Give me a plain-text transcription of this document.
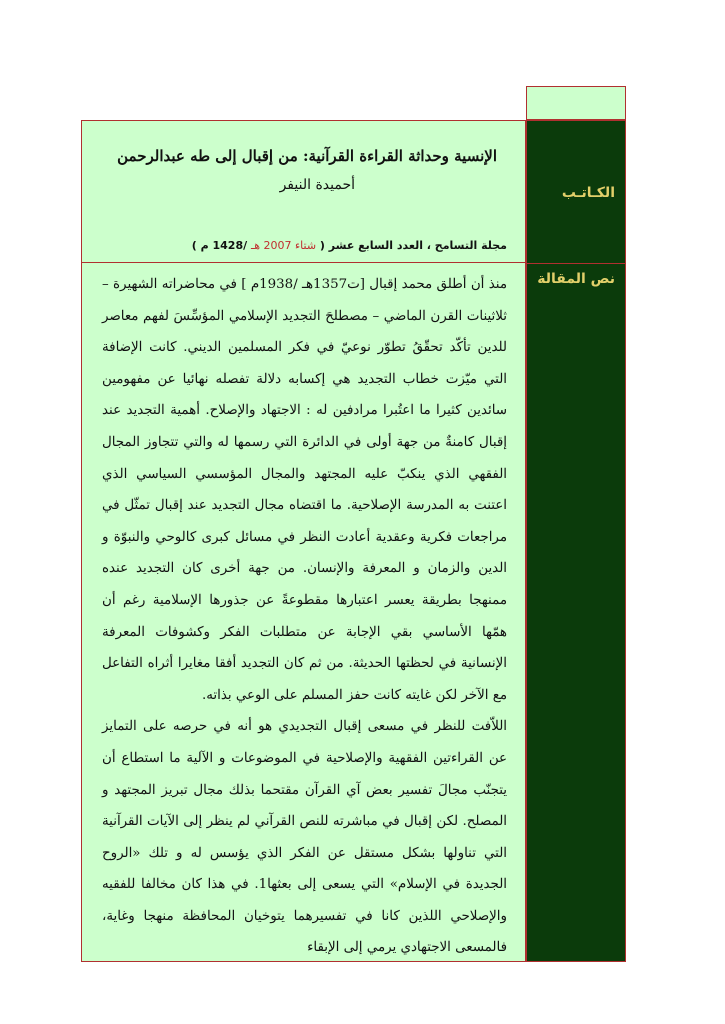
الكـاتـب
نص المقالة
الإنسية وحداثة القراءة القرآنية: من إقبال إلى طه عبدالرحمن
أحميدة النيفر
مجلة التسامح ، العدد السابع عشر ( شتاء 2007 هـ /1428 م )

منذ أن أطلق محمد إقبال [ت1357هـ /1938م ] في محاضراته الشهيرة – ثلاثينات القرن الماضي – مصطلحَ التجديد الإسلامي المؤسِّسَ لفهم معاصر للدين تأكّد تحقّقُ تطوّر نوعيّ في فكر المسلمين الديني. كانت الإضافة التي ميّزت خطاب التجديد هي إكسابه دلالة تفصله نهائيا عن مفهومين سائدين كثيرا ما اعتُبرا مرادفين له : الاجتهاد والإصلاح. أهمية التجديد عند إقبال كامنةٌ من جهة أولى في الدائرة التي رسمها له والتي تتجاوز المجال الفقهي الذي ينكبّ عليه المجتهد والمجال المؤسسي السياسي الذي اعتنت به المدرسة الإصلاحية. ما اقتضاه مجال التجديد عند إقبال تمثّل في مراجعات فكرية وعقدية أعادت النظر في مسائل كبرى كالوحي والنبوّة و الدين والزمان و المعرفة والإنسان. من جهة أخرى كان التجديد عنده ممنهجا بطريقة يعسر اعتبارها مقطوعةً عن جذورها الإسلامية رغم أن همّها الأساسي بقي الإجابة عن متطلبات الفكر وكشوفات المعرفة الإنسانية في لحظتها الحديثة. من ثم كان التجديد أفقا مغايرا أثراه التفاعل مع الآخر لكن غايته كانت حفز المسلم على الوعي بذاته.

اللاّفت للنظر في مسعى إقبال التجديدي هو أنه في حرصه على التمايز عن القراءتين الفقهية والإصلاحية في الموضوعات و الآلية ما استطاع أن يتجنّب مجالَ تفسير بعض آي القرآن مقتحما بذلك مجال تبريز المجتهد و المصلح. لكن إقبال في مباشرته للنص القرآني لم ينظر إلى الآيات القرآنية التي تناولها بشكل مستقل عن الفكر الذي يؤسس له و تلك «الروح الجديدة في الإسلام» التي يسعى إلى بعثها1. في هذا كان مخالفا للفقيه والإصلاحي اللذين كانا في تفسيرهما يتوخيان المحافظة منهجا وغاية، فالمسعى الاجتهادي يرمي إلى الإبقاء
